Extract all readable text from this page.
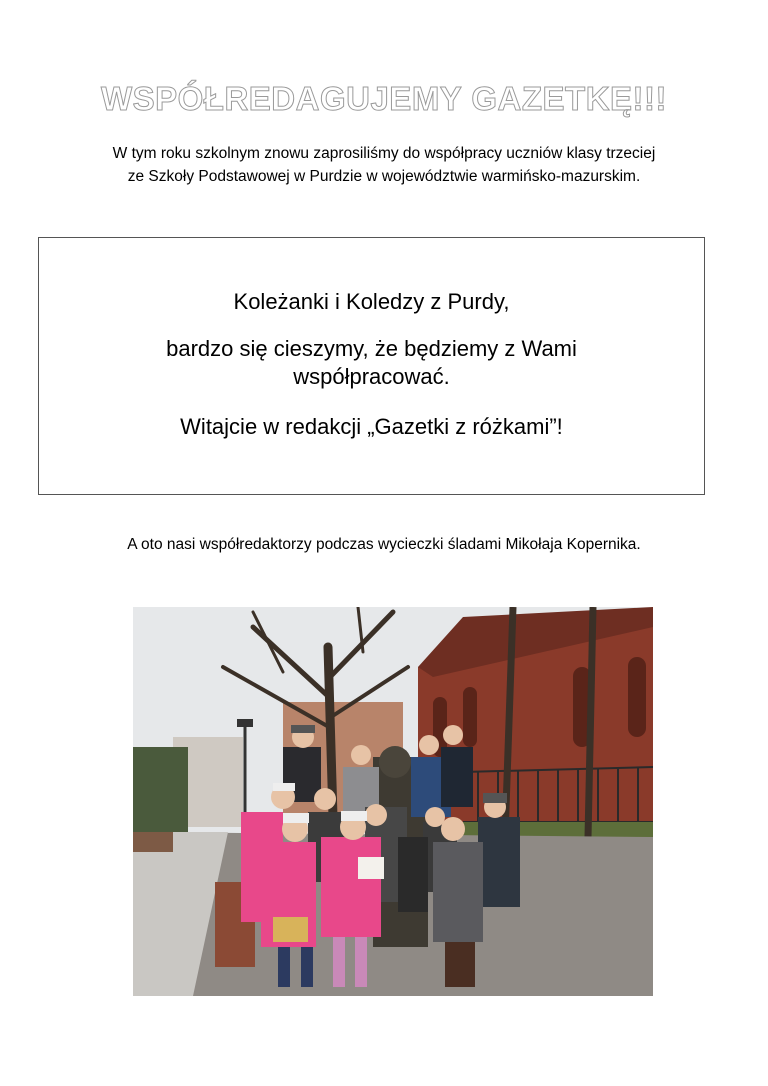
WSPÓŁREDAGUJEMY GAZETKĘ!!!
W tym roku szkolnym znowu zaprosiliśmy do współpracy uczniów klasy trzeciej
ze Szkoły Podstawowej w Purdzie w województwie warmińsko-mazurskim.

Koleżanki i Koledzy z Purdy,

bardzo się cieszymy, że będziemy z Wami współpracować.

Witajcie w redakcji „Gazetki z różkami”!

A oto nasi współredaktorzy podczas wycieczki śladami Mikołaja Kopernika.
